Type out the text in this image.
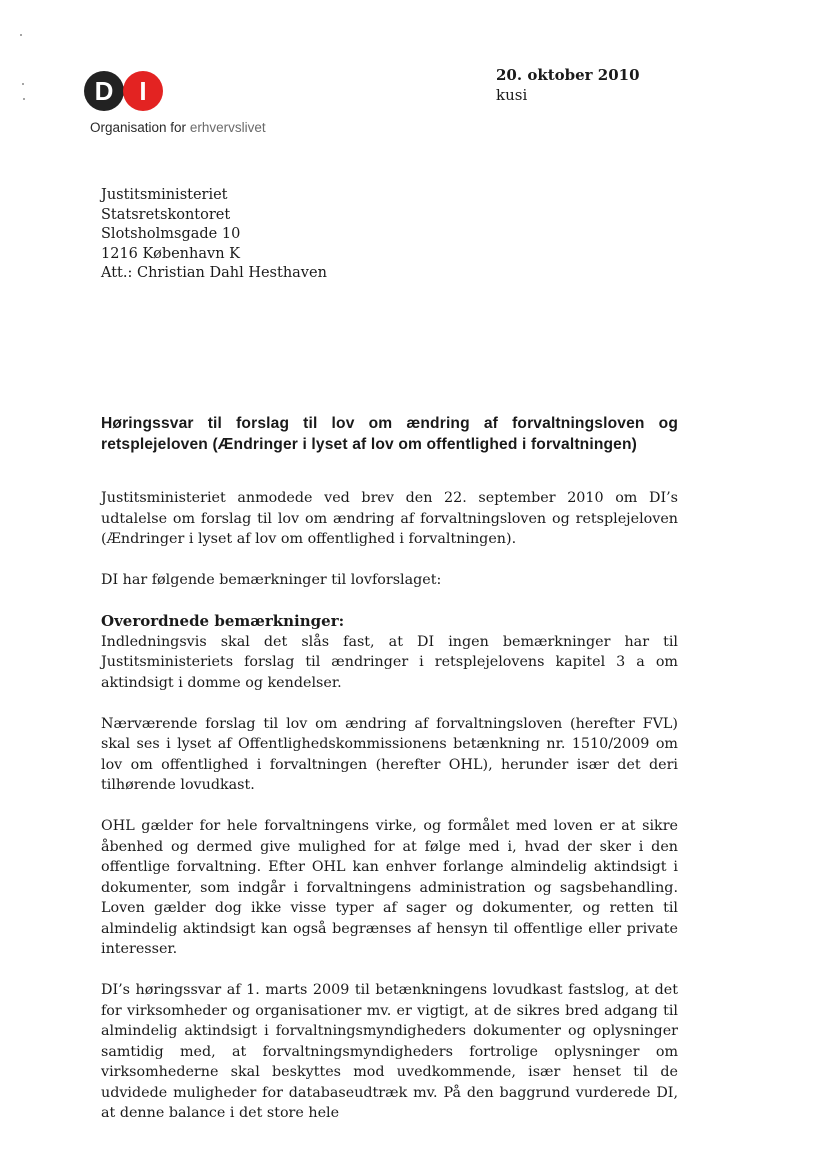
D I
Organisation for erhvervslivet
20. oktober 2010
kusi
Justitsministeriet
Statsretskontoret
Slotsholmsgade 10
1216 København K
Att.: Christian Dahl Hesthaven
Høringssvar til forslag til lov om ændring af forvaltningsloven og retsplejeloven (Ændringer i lyset af lov om offentlighed i forvaltningen)

Justitsministeriet anmodede ved brev den 22. september 2010 om DI’s udtalelse om forslag til lov om ændring af forvaltningsloven og retsplejeloven (Ændringer i lyset af lov om offentlighed i forvaltningen).

DI har følgende bemærkninger til lovforslaget:

Overordnede bemærkninger:

Indledningsvis skal det slås fast, at DI ingen bemærkninger har til Justitsministeriets forslag til ændringer i retsplejelovens kapitel 3 a om aktindsigt i domme og kendelser.

Nærværende forslag til lov om ændring af forvaltningsloven (herefter FVL) skal ses i lyset af Offentlighedskommissionens betænkning nr. 1510/2009 om lov om offentlighed i forvaltningen (herefter OHL), herunder især det deri tilhørende lovudkast.

OHL gælder for hele forvaltningens virke, og formålet med loven er at sikre åbenhed og dermed give mulighed for at følge med i, hvad der sker i den offentlige forvaltning. Efter OHL kan enhver forlange almindelig aktindsigt i dokumenter, som indgår i forvaltningens administration og sagsbehandling. Loven gælder dog ikke visse typer af sager og dokumenter, og retten til almindelig aktindsigt kan også begrænses af hensyn til offentlige eller private interesser.

DI’s høringssvar af 1. marts 2009 til betænkningens lovudkast fastslog, at det for virksomheder og organisationer mv. er vigtigt, at de sikres bred adgang til almindelig aktindsigt i forvaltningsmyndigheders dokumenter og oplysninger samtidig med, at forvaltningsmyndigheders fortrolige oplysninger om virksomhederne skal beskyttes mod uvedkommende, især henset til de udvidede muligheder for databaseudtræk mv. På den baggrund vurderede DI, at denne balance i det store hele
